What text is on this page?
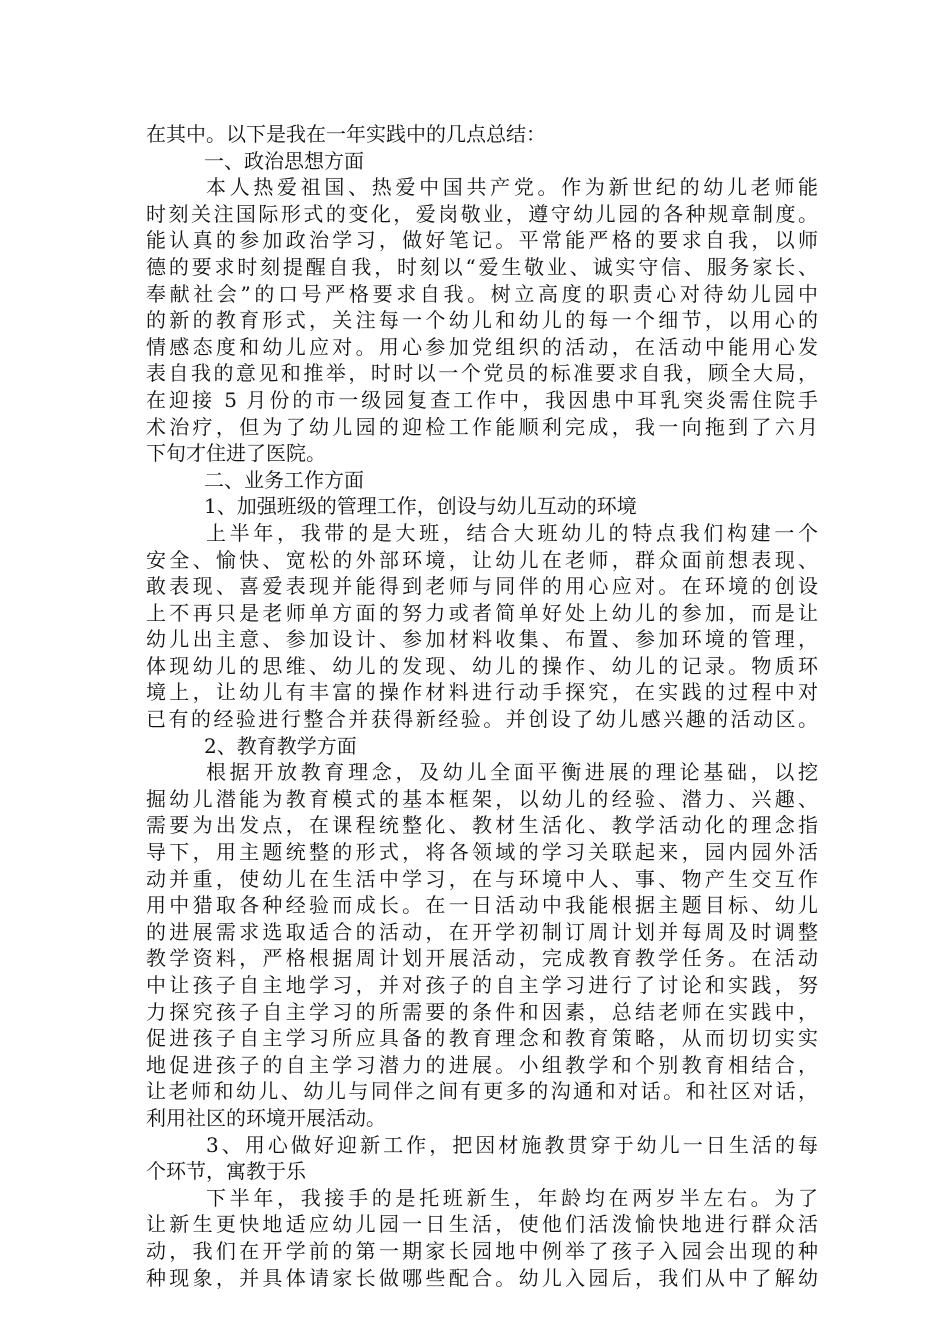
在其中。以下是我在一年实践中的几点总结：
一、政治思想方面
本人热爱祖国、热爱中国共产党。作为新世纪的幼儿老师能
时刻关注国际形式的变化，爱岗敬业，遵守幼儿园的各种规章制度。
能认真的参加政治学习，做好笔记。平常能严格的要求自我，以师
德的要求时刻提醒自我，时刻以“爱生敬业、诚实守信、服务家长、
奉献社会”的口号严格要求自我。树立高度的职责心对待幼儿园中
的新的教育形式，关注每一个幼儿和幼儿的每一个细节，以用心的
情感态度和幼儿应对。用心参加党组织的活动，在活动中能用心发
表自我的意见和推举，时时以一个党员的标准要求自我，顾全大局，
在迎接 5 月份的市一级园复查工作中，我因患中耳乳突炎需住院手
术治疗，但为了幼儿园的迎检工作能顺利完成，我一向拖到了六月
下旬才住进了医院。
二、业务工作方面
1、加强班级的管理工作，创设与幼儿互动的环境
上半年，我带的是大班，结合大班幼儿的特点我们构建一个
安全、愉快、宽松的外部环境，让幼儿在老师，群众面前想表现、
敢表现、喜爱表现并能得到老师与同伴的用心应对。在环境的创设
上不再只是老师单方面的努力或者简单好处上幼儿的参加，而是让
幼儿出主意、参加设计、参加材料收集、布置、参加环境的管理，
体现幼儿的思维、幼儿的发现、幼儿的操作、幼儿的记录。物质环
境上，让幼儿有丰富的操作材料进行动手探究，在实践的过程中对
已有的经验进行整合并获得新经验。并创设了幼儿感兴趣的活动区。
2、教育教学方面
根据开放教育理念，及幼儿全面平衡进展的理论基础，以挖
掘幼儿潜能为教育模式的基本框架，以幼儿的经验、潜力、兴趣、
需要为出发点，在课程统整化、教材生活化、教学活动化的理念指
导下，用主题统整的形式，将各领域的学习关联起来，园内园外活
动并重，使幼儿在生活中学习，在与环境中人、事、物产生交互作
用中猎取各种经验而成长。在一日活动中我能根据主题目标、幼儿
的进展需求选取适合的活动，在开学初制订周计划并每周及时调整
教学资料，严格根据周计划开展活动，完成教育教学任务。在活动
中让孩子自主地学习，并对孩子的自主学习进行了讨论和实践，努
力探究孩子自主学习的所需要的条件和因素，总结老师在实践中，
促进孩子自主学习所应具备的教育理念和教育策略，从而切切实实
地促进孩子的自主学习潜力的进展。小组教学和个别教育相结合，
让老师和幼儿、幼儿与同伴之间有更多的沟通和对话。和社区对话，
利用社区的环境开展活动。
3、用心做好迎新工作，把因材施教贯穿于幼儿一日生活的每
个环节，寓教于乐
下半年，我接手的是托班新生，年龄均在两岁半左右。为了
让新生更快地适应幼儿园一日生活，使他们活泼愉快地进行群众活
动，我们在开学前的第一期家长园地中例举了孩子入园会出现的种
种现象，并具体请家长做哪些配合。幼儿入园后，我们从中了解幼
